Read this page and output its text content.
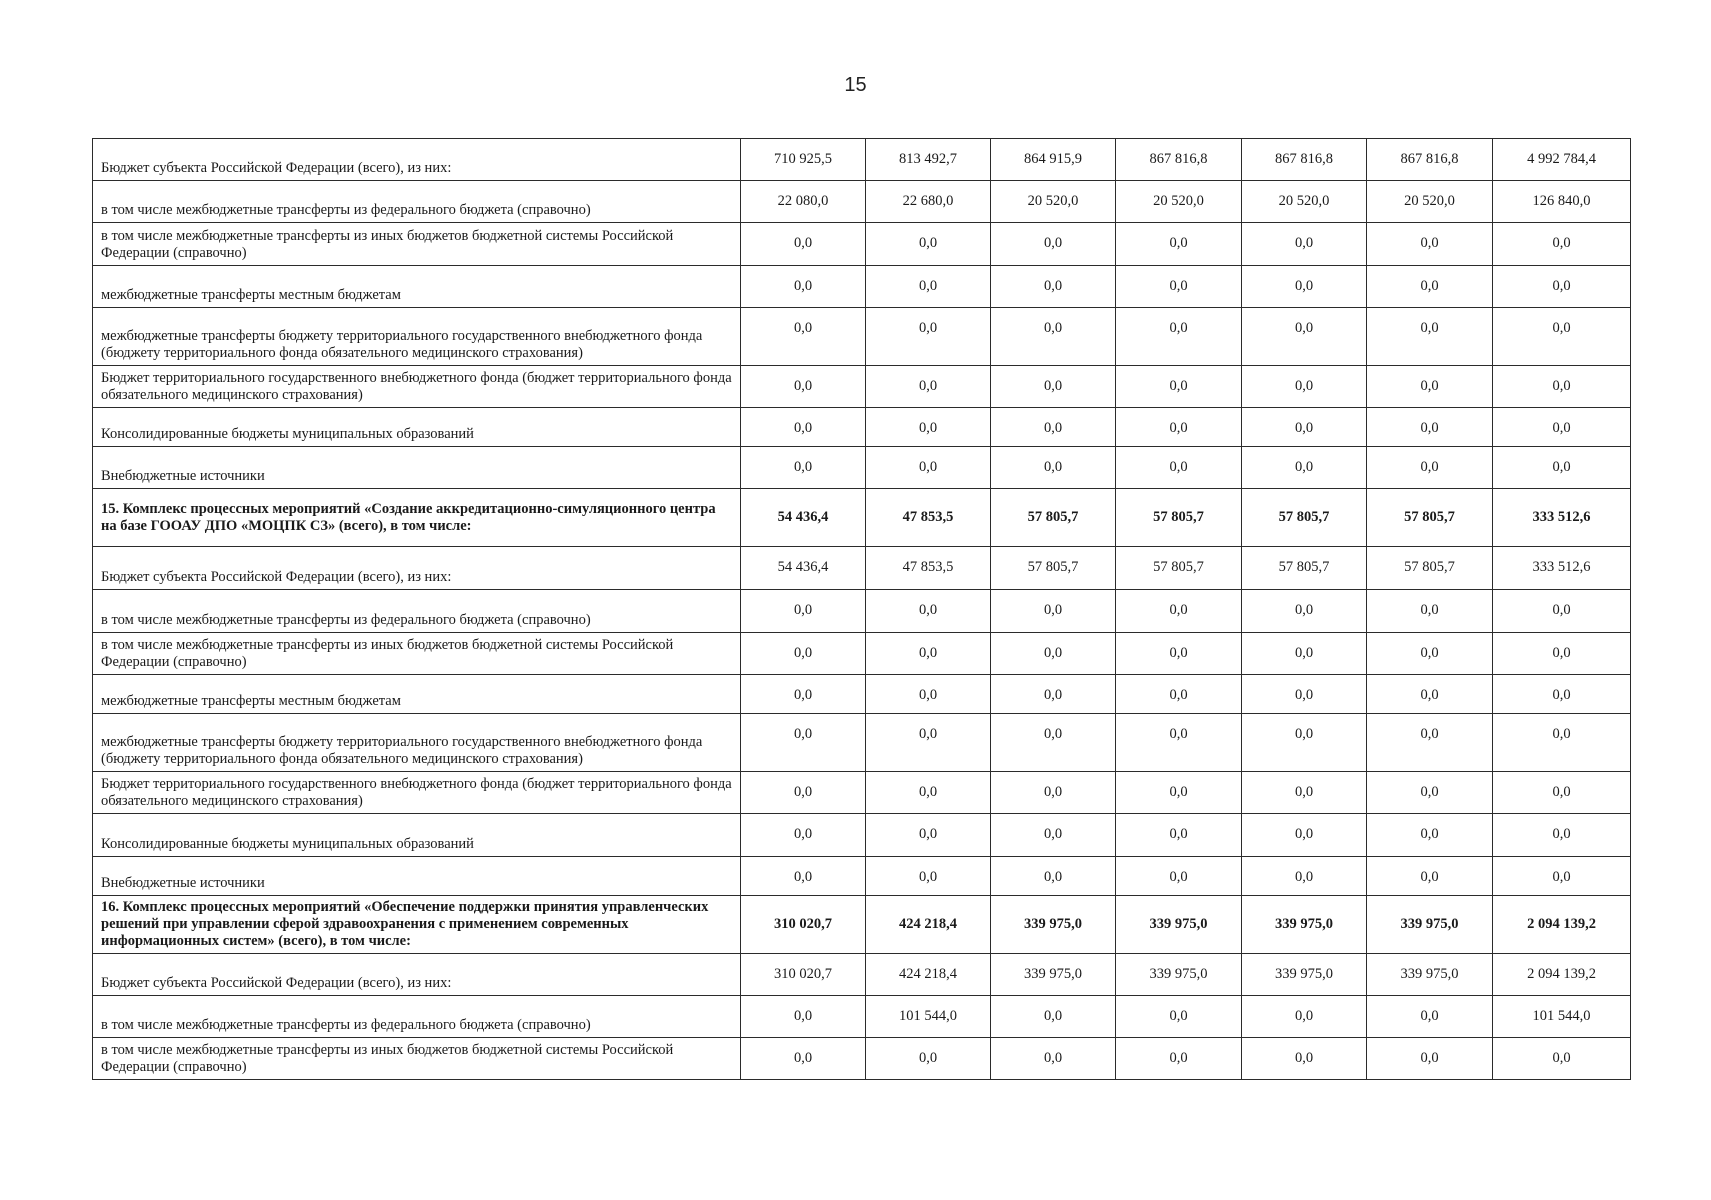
15
Бюджет субъекта Российской Федерации (всего), из них:	710 925,5	813 492,7	864 915,9	867 816,8	867 816,8	867 816,8	4 992 784,4

в том числе межбюджетные трансферты из федерального бюджета (справочно)	22 080,0	22 680,0	20 520,0	20 520,0	20 520,0	20 520,0	126 840,0

в том числе межбюджетные трансферты из иных бюджетов бюджетной системы Российской Федерации (справочно)	0,0	0,0	0,0	0,0	0,0	0,0	0,0

межбюджетные трансферты местным бюджетам	0,0	0,0	0,0	0,0	0,0	0,0	0,0

межбюджетные трансферты бюджету территориального государственного внебюджетного фонда (бюджету территориального фонда обязательного медицинского страхования)	0,0	0,0	0,0	0,0	0,0	0,0	0,0

Бюджет территориального государственного внебюджетного фонда (бюджет территориального фонда обязательного медицинского страхования)	0,0	0,0	0,0	0,0	0,0	0,0	0,0

Консолидированные бюджеты муниципальных образований	0,0	0,0	0,0	0,0	0,0	0,0	0,0

Внебюджетные источники	0,0	0,0	0,0	0,0	0,0	0,0	0,0

15. Комплекс процессных мероприятий «Создание аккредитационно-симуляционного центра на базе ГООАУ ДПО «МОЦПК СЗ» (всего), в том числе:	54 436,4	47 853,5	57 805,7	57 805,7	57 805,7	57 805,7	333 512,6

Бюджет субъекта Российской Федерации (всего), из них:	54 436,4	47 853,5	57 805,7	57 805,7	57 805,7	57 805,7	333 512,6

в том числе межбюджетные трансферты из федерального бюджета (справочно)	0,0	0,0	0,0	0,0	0,0	0,0	0,0

в том числе межбюджетные трансферты из иных бюджетов бюджетной системы Российской Федерации (справочно)	0,0	0,0	0,0	0,0	0,0	0,0	0,0

межбюджетные трансферты местным бюджетам	0,0	0,0	0,0	0,0	0,0	0,0	0,0

межбюджетные трансферты бюджету территориального государственного внебюджетного фонда (бюджету территориального фонда обязательного медицинского страхования)	0,0	0,0	0,0	0,0	0,0	0,0	0,0

Бюджет территориального государственного внебюджетного фонда (бюджет территориального фонда обязательного медицинского страхования)	0,0	0,0	0,0	0,0	0,0	0,0	0,0

Консолидированные бюджеты муниципальных образований	0,0	0,0	0,0	0,0	0,0	0,0	0,0

Внебюджетные источники	0,0	0,0	0,0	0,0	0,0	0,0	0,0

16. Комплекс процессных мероприятий «Обеспечение поддержки принятия управленческих решений при управлении сферой здравоохранения с применением современных информационных систем» (всего), в том числе:	310 020,7	424 218,4	339 975,0	339 975,0	339 975,0	339 975,0	2 094 139,2

Бюджет субъекта Российской Федерации (всего), из них:	310 020,7	424 218,4	339 975,0	339 975,0	339 975,0	339 975,0	2 094 139,2

в том числе межбюджетные трансферты из федерального бюджета (справочно)	0,0	101 544,0	0,0	0,0	0,0	0,0	101 544,0

в том числе межбюджетные трансферты из иных бюджетов бюджетной системы Российской Федерации (справочно)	0,0	0,0	0,0	0,0	0,0	0,0	0,0
